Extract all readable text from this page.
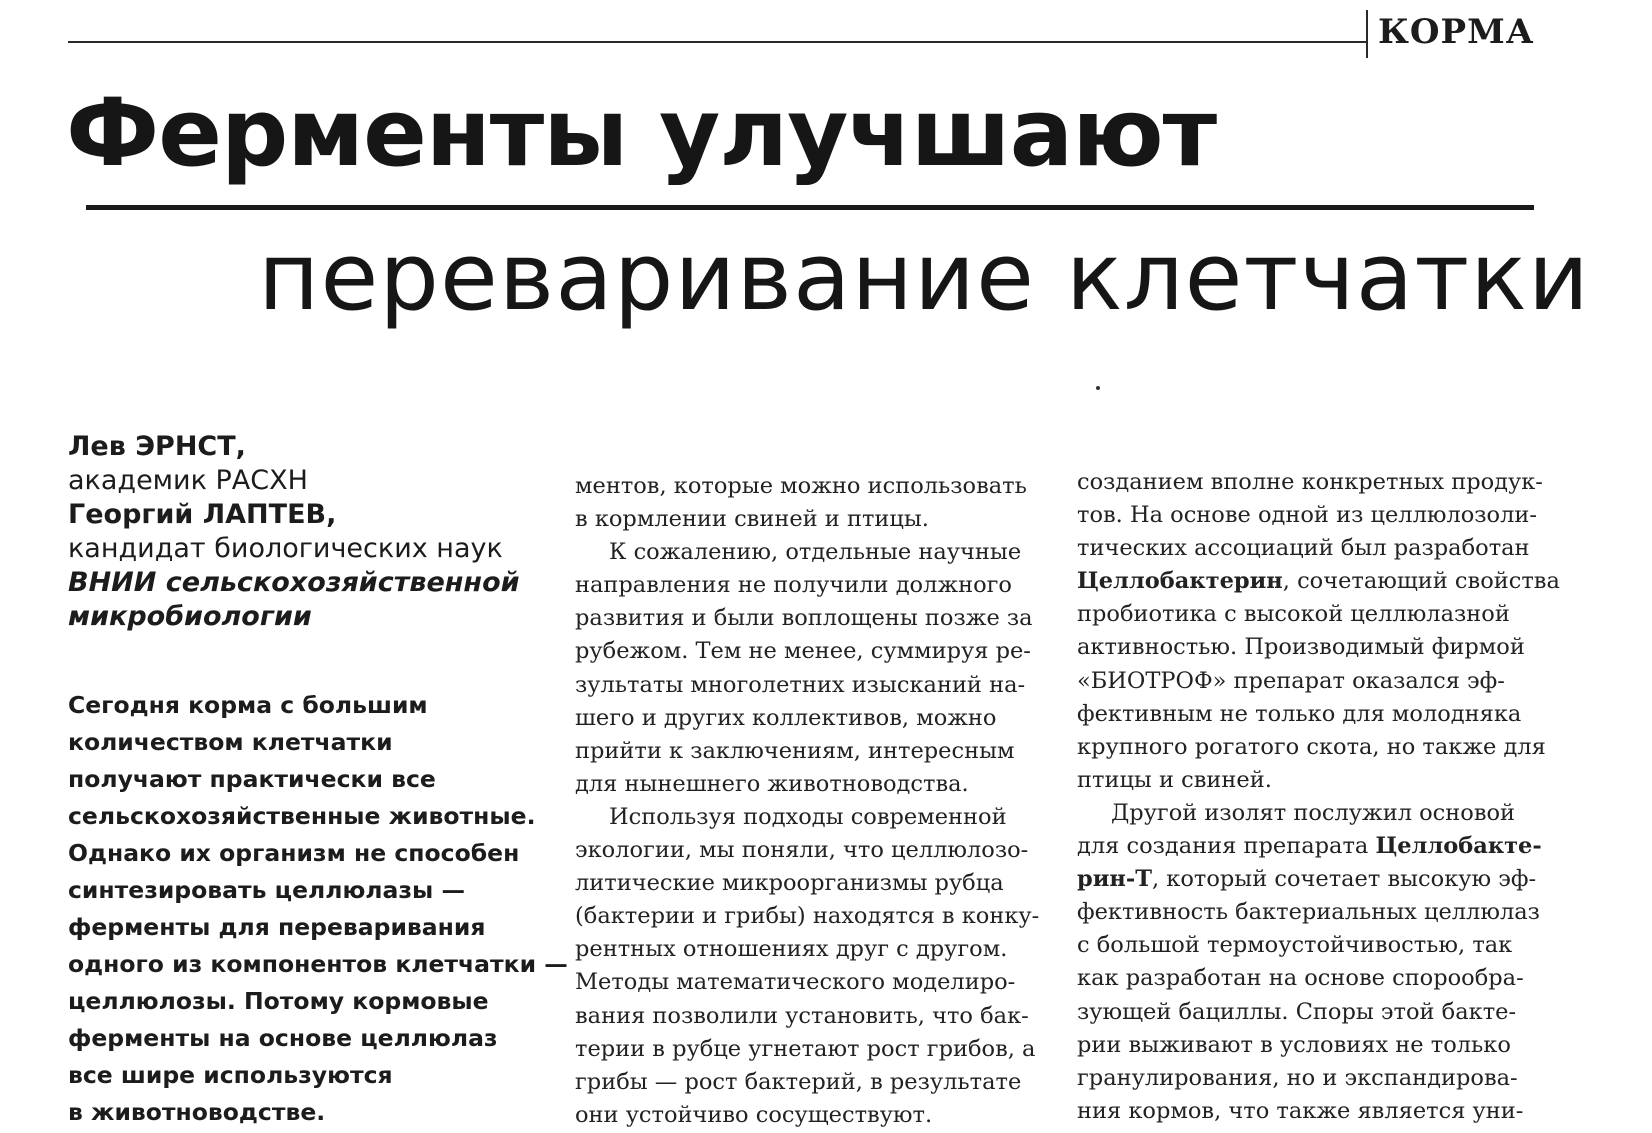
КОРМА
Ферменты улучшают
переваривание клетчатки
Лев ЭРНСТ,
академик РАСХН
Георгий ЛАПТЕВ,
кандидат биологических наук
ВНИИ сельскохозяйственной
микробиологии
Сегодня корма с большим
количеством клетчатки
получают практически все
сельскохозяйственные животные.
Однако их организм не способен
синтезировать целлюлазы —
ферменты для переваривания
одного из компонентов клетчатки —
целлюлозы. Потому кормовые
ферменты на основе целлюлаз
все шире используются
в животноводстве.
ментов, которые можно использовать
в кормлении свиней и птицы.
К сожалению, отдельные научные
направления не получили должного
развития и были воплощены позже за
рубежом. Тем не менее, суммируя ре-
зультаты многолетних изысканий на-
шего и других коллективов, можно
прийти к заключениям, интересным
для нынешнего животноводства.
Используя подходы современной
экологии, мы поняли, что целлюлозо-
литические микроорганизмы рубца
(бактерии и грибы) находятся в конку-
рентных отношениях друг с другом.
Методы математического моделиро-
вания позволили установить, что бак-
терии в рубце угнетают рост грибов, а
грибы — рост бактерий, в результате
они устойчиво сосуществуют.
созданием вполне конкретных продук-
тов. На основе одной из целлюлозоли-
тических ассоциаций был разработан
Целлобактерин, сочетающий свойства
пробиотика с высокой целлюлазной
активностью. Производимый фирмой
«БИОТРОФ» препарат оказался эф-
фективным не только для молодняка
крупного рогатого скота, но также для
птицы и свиней.
Другой изолят послужил основой
для создания препарата Целлобакте-
рин-Т, который сочетает высокую эф-
фективность бактериальных целлюлаз
с большой термоустойчивостью, так
как разработан на основе спорообра-
зующей бациллы. Споры этой бакте-
рии выживают в условиях не только
гранулирования, но и экспандирова-
ния кормов, что также является уни-
